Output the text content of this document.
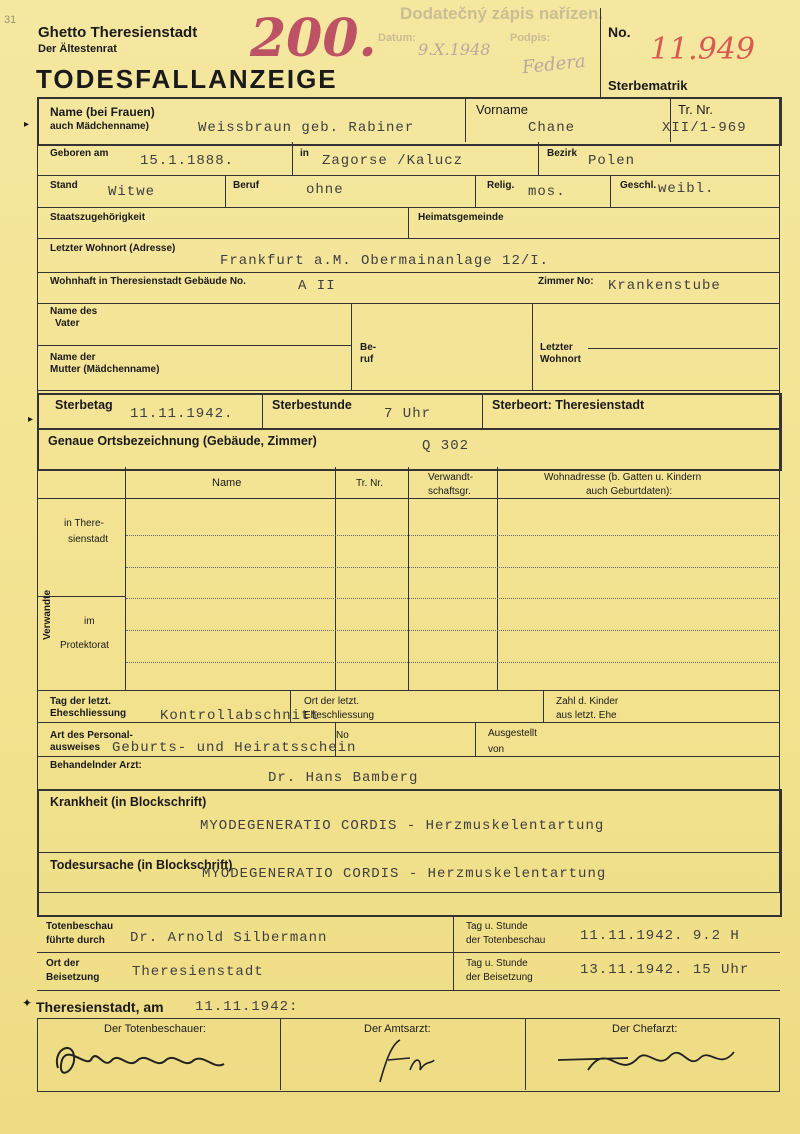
31
Ghetto Theresienstadt
Der Ältestenrat
TODESFALLANZEIGE
200. Dodatečný zápis nařízen.
Datum:
9.X.1948
Podpis:
Federa
No. 11.949
Sterbematrik
Name (bei Frauen)
auch Mädchenname)	Weissbraun geb. Rabiner
Vorname
Chane
Tr. Nr.
XII/1-969
Geboren am 15.1.1888.	in Zagorse /Kalucz	Bezirk Polen
Stand Witwe	Beruf	ohne	Relig. mos.	Geschl. weibl.
Staatszugehörigkeit	Heimatsgemeinde
Letzter Wohnort (Adresse)
Frankfurt a.M. Obermainanlage 12/I.
Wohnhaft in Theresienstadt Gebäude No.	A II	Zimmer No: Krankenstube
Name des
Vater
Name der
Mutter (Mädchenname)
Be-
ruf
Letzter
Wohnort
Sterbetag
11.11.1942.
Sterbestunde
7 Uhr
Sterbeort: Theresienstadt
Genaue Ortsbezeichnung (Gebäude, Zimmer)	Q 302
Name	Tr. Nr.
Verwandt-
schaftsgr.
Wohnadresse (b. Gatten u. Kindern
auch Geburtdaten):
Verwandte
in There-
sienstadt
im
Protektorat
Tag der letzt.
Eheschliessung Kontrollabschnitt
Ort der letzt.
Eheschliessung
Zahl d. Kinder
aus letzt. Ehe
Art des Personal-
ausweises Geburts- und Heiratsschein
No	Ausgestellt
von
Behandelnder Arzt:
Dr. Hans Bamberg
Krankheit (in Blockschrift)
MYODEGENERATIO CORDIS - Herzmuskelentartung
Todesursache (in Blockschrift)
MYODEGENERATIO CORDIS - Herzmuskelentartung
Totenbeschau
führte durch Dr. Arnold Silbermann
Tag u. Stunde
der Totenbeschau 11.11.1942. 9.2 H
Ort der
Beisetzung Theresienstadt
Tag u. Stunde
der Beisetzung	13.11.1942. 15 Uhr
Theresienstadt, am 11.11.1942:
Der Totenbeschauer:	Der Amtsarzt:	Der Chefarzt:
▸
▸
✦
